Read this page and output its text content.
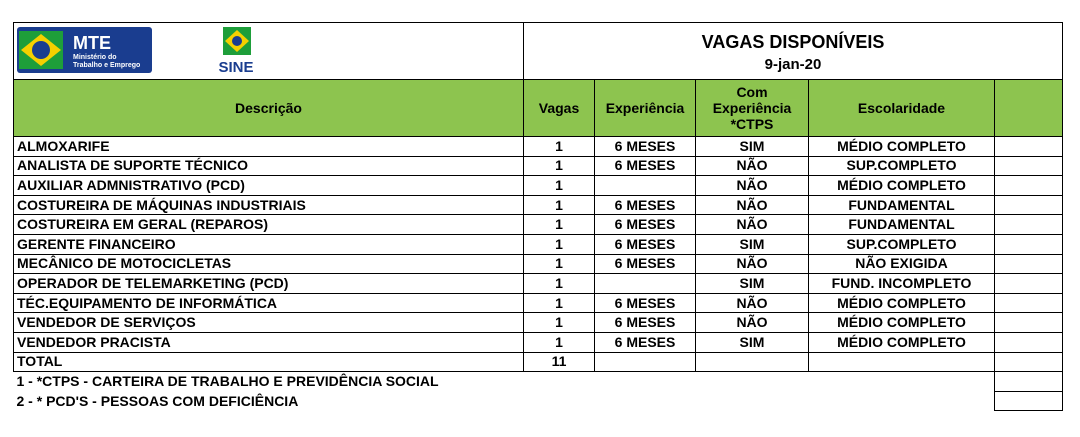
MTE
Ministério do
Trabalho e Emprego SINE	VAGAS DISPONÍVEIS
9-jan-20				

Descrição	Vagas	Experiência	Com Experiência *CTPS	Escolaridade	
ALMOXARIFE	1	6 MESES	SIM	MÉDIO COMPLETO	
ANALISTA DE SUPORTE TÉCNICO	1	6 MESES	NÃO	SUP.COMPLETO	
AUXILIAR ADMNISTRATIVO (PCD)	1		NÃO	MÉDIO COMPLETO	
COSTUREIRA DE MÁQUINAS INDUSTRIAIS	1	6 MESES	NÃO	FUNDAMENTAL	
COSTUREIRA EM GERAL (REPAROS)	1	6 MESES	NÃO	FUNDAMENTAL	
GERENTE FINANCEIRO	1	6 MESES	SIM	SUP.COMPLETO	
MECÂNICO DE MOTOCICLETAS	1	6 MESES	NÃO	NÃO EXIGIDA	
OPERADOR DE TELEMARKETING (PCD)	1		SIM	FUND. INCOMPLETO	
TÉC.EQUIPAMENTO DE INFORMÁTICA	1	6 MESES	NÃO	MÉDIO COMPLETO	
VENDEDOR DE SERVIÇOS	1	6 MESES	NÃO	MÉDIO COMPLETO	
VENDEDOR PRACISTA	1	6 MESES	SIM	MÉDIO COMPLETO	
TOTAL	11				
1 - *CTPS - CARTEIRA DE TRABALHO E PREVIDÊNCIA SOCIAL					
2 - * PCD'S - PESSOAS COM DEFICIÊNCIA					
